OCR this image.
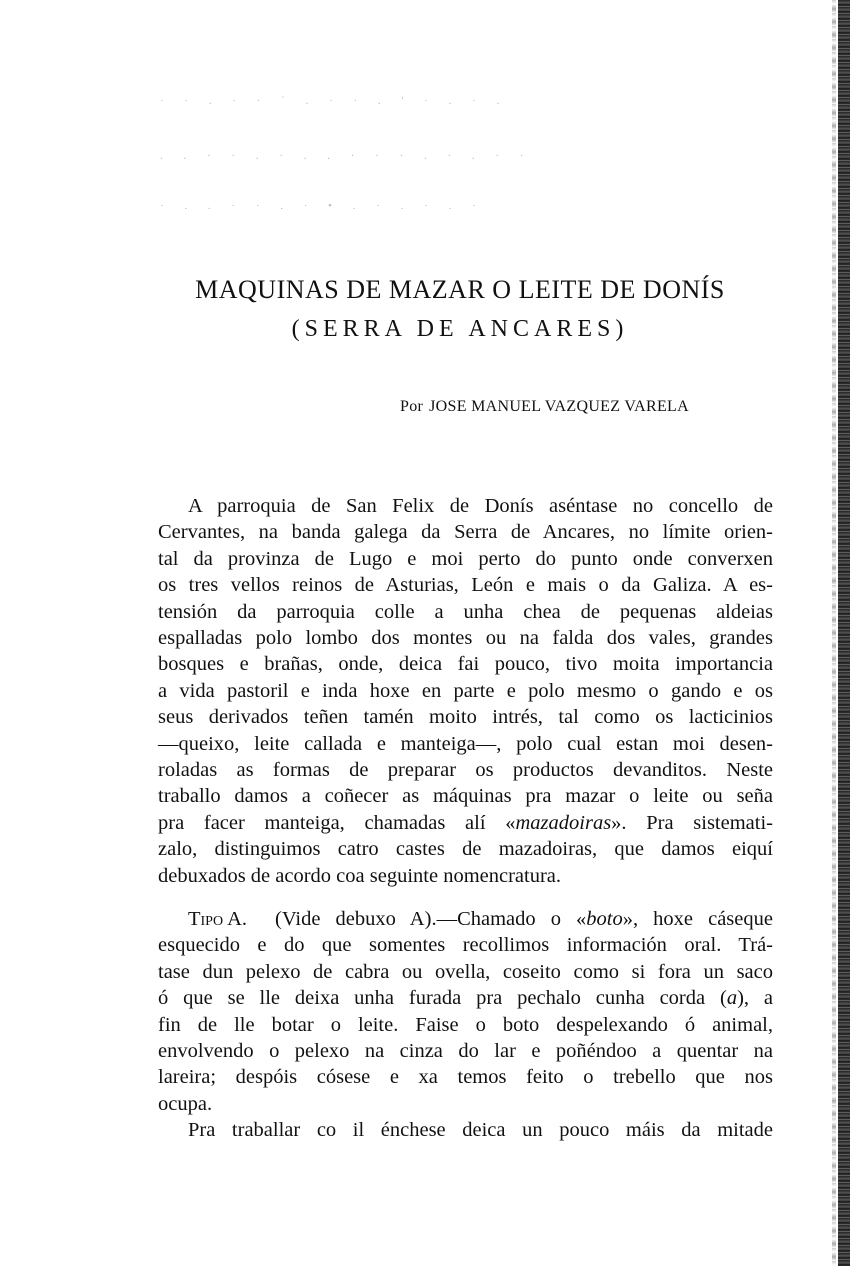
· · . · · ` . · · . ' · . · .
. . · · . · . . · · · . · . · ·
· . . · · . · • . · . · . ·
MAQUINAS DE MAZAR O LEITE DE DONÍS
(SERRA DE ANCARES)
Por JOSE MANUEL VAZQUEZ VARELA
A parroquia de San Felix de Donís aséntase no concello de
Cervantes, na banda galega da Serra de Ancares, no límite orien-
tal da provinza de Lugo e moi perto do punto onde converxen
os tres vellos reinos de Asturias, León e mais o da Galiza. A es-
tensión da parroquia colle a unha chea de pequenas aldeias
espalladas polo lombo dos montes ou na falda dos vales, grandes
bosques e brañas, onde, deica fai pouco, tivo moita importancia
a vida pastoril e inda hoxe en parte e polo mesmo o gando e os
seus derivados teñen tamén moito intrés, tal como os lacticinios
—queixo, leite callada e manteiga—, polo cual estan moi desen-
roladas as formas de preparar os productos devanditos. Neste
traballo damos a coñecer as máquinas pra mazar o leite ou seña
pra facer manteiga, chamadas alí «mazadoiras». Pra sistemati-
zalo, distinguimos catro castes de mazadoiras, que damos eiquí
debuxados de acordo coa seguinte nomencratura.
Tipo A. (Vide debuxo A).—Chamado o «boto», hoxe cáseque
esquecido e do que somentes recollimos información oral. Trá-
tase dun pelexo de cabra ou ovella, coseito como si fora un saco
ó que se lle deixa unha furada pra pechalo cunha corda (a), a
fin de lle botar o leite. Faise o boto despelexando ó animal,
envolvendo o pelexo na cinza do lar e poñéndoo a quentar na
lareira; despóis cósese e xa temos feito o trebello que nos
ocupa.
Pra traballar co il énchese deica un pouco máis da mitade
